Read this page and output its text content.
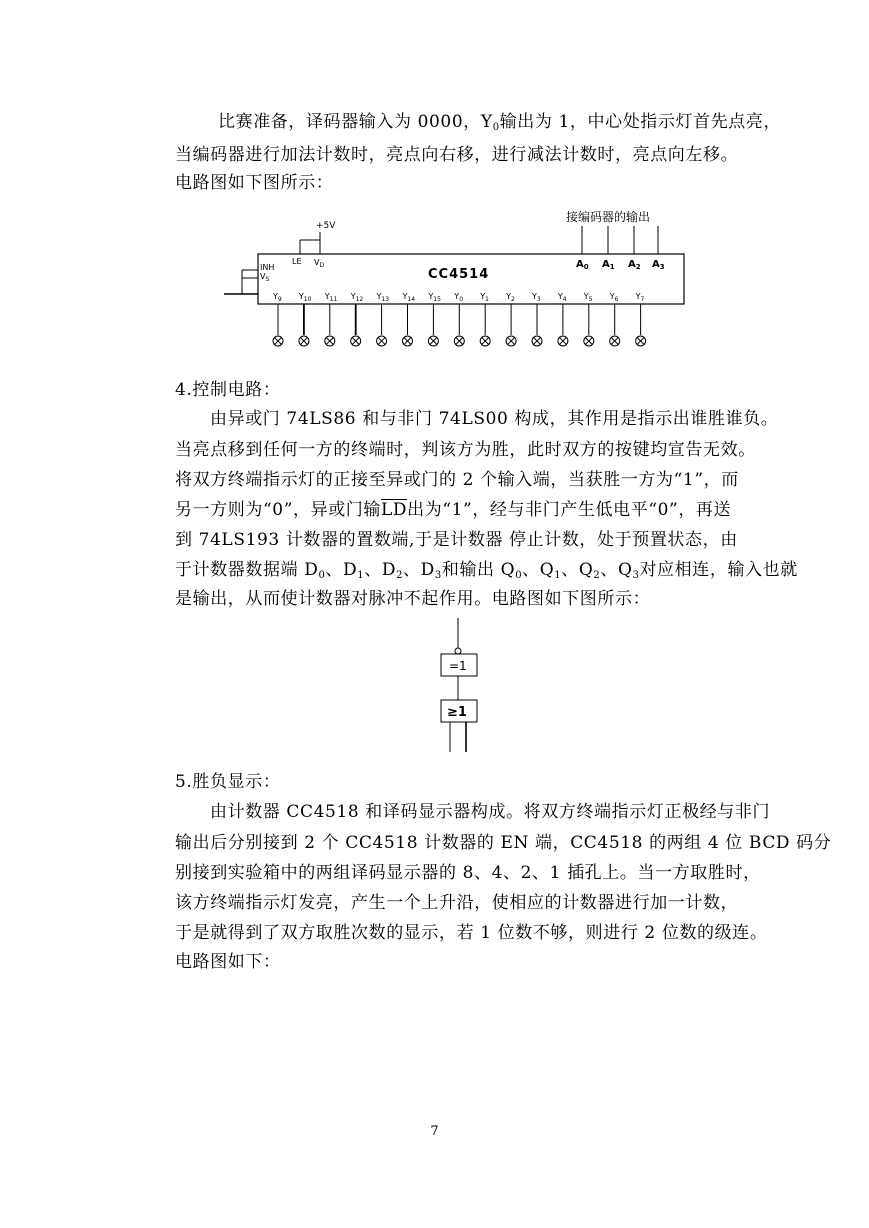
比赛准备，译码器输入为 0000，$Y_0$输出为 1，中心处指示灯首先点亮，
当编码器进行加法计数时，亮点向右移，进行减法计数时，亮点向左移。
电路图如下图所示：
+5V
LE $V_D$
INH
$V_S$	CC4514
接编码器的输出
$A_0$ $A_1$ $A_2$ $A_3$
$Y_9$ $Y_{10}$ $Y_{11}$ $Y_{12}$ $Y_{13}$ $Y_{14}$ $Y_{15}$ $Y_0$ $Y_1$ $Y_2$ $Y_3$ $Y_4$ $Y_5$ $Y_6$ $Y_7$
4.控制电路：
由异或门 74LS86 和与非门 74LS00 构成，其作用是指示出谁胜谁负。
当亮点移到任何一方的终端时，判该方为胜，此时双方的按键均宣告无效。
将双方终端指示灯的正接至异或门的 2 个输入端，当获胜一方为“1”，而
另一方则为“0”，异或门输$\overline{LD}$出为“1”，经与非门产生低电平“0”，再送
到 74LS193 计数器的置数端,于是计数器 停止计数，处于预置状态，由
于计数器数据端 $D_0$、$D_1$、$D_2$、$D_3$和输出 $Q_0$、$Q_1$、$Q_2$、$Q_3$对应相连，输入也就
是输出，从而使计数器对脉冲不起作用。电路图如下图所示：
=1
≥1
5.胜负显示：
由计数器 CC4518 和译码显示器构成。将双方终端指示灯正极经与非门
输出后分别接到 2 个 CC4518 计数器的 EN 端，CC4518 的两组 4 位 BCD 码分
别接到实验箱中的两组译码显示器的 8、4、2、1 插孔上。当一方取胜时，
该方终端指示灯发亮，产生一个上升沿，使相应的计数器进行加一计数，
于是就得到了双方取胜次数的显示，若 1 位数不够，则进行 2 位数的级连。
电路图如下：
7
